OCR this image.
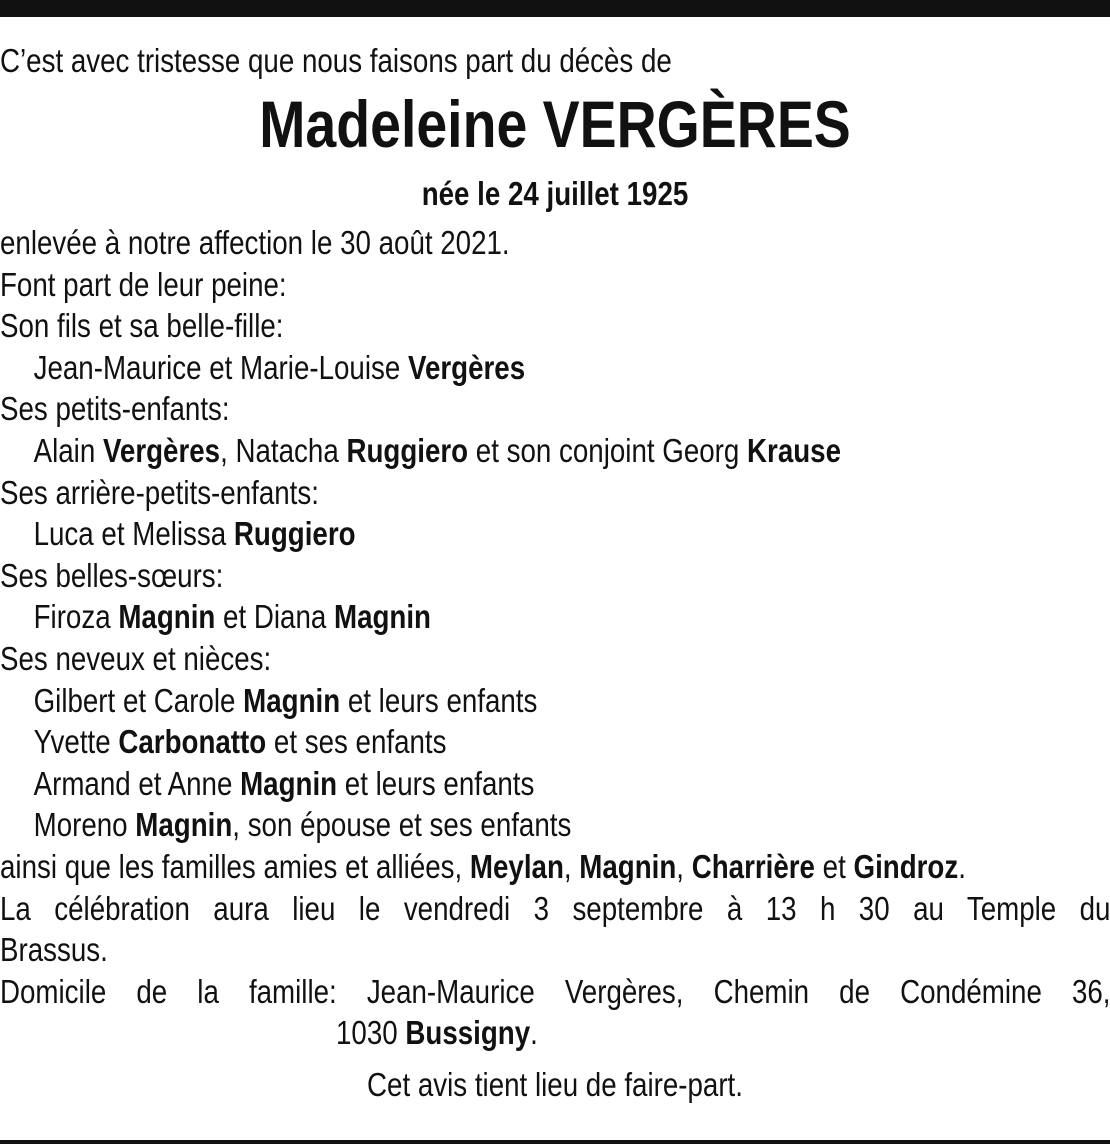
C’est avec tristesse que nous faisons part du décès de
Madeleine VERGÈRES
née le 24 juillet 1925
enlevée à notre affection le 30 août 2021.
Font part de leur peine:
Son fils et sa belle-fille:
Jean-Maurice et Marie-Louise Vergères
Ses petits-enfants:
Alain Vergères, Natacha Ruggiero et son conjoint Georg Krause
Ses arrière-petits-enfants:
Luca et Melissa Ruggiero
Ses belles-sœurs:
Firoza Magnin et Diana Magnin
Ses neveux et nièces:
Gilbert et Carole Magnin et leurs enfants
Yvette Carbonatto et ses enfants
Armand et Anne Magnin et leurs enfants
Moreno Magnin, son épouse et ses enfants
ainsi que les familles amies et alliées, Meylan, Magnin, Charrière et Gindroz.
La célébration aura lieu le vendredi 3 septembre à 13 h 30 au Temple du
Brassus.
Domicile de la famille: Jean-Maurice Vergères, Chemin de Condémine 36,
1030 Bussigny.
Cet avis tient lieu de faire-part.
